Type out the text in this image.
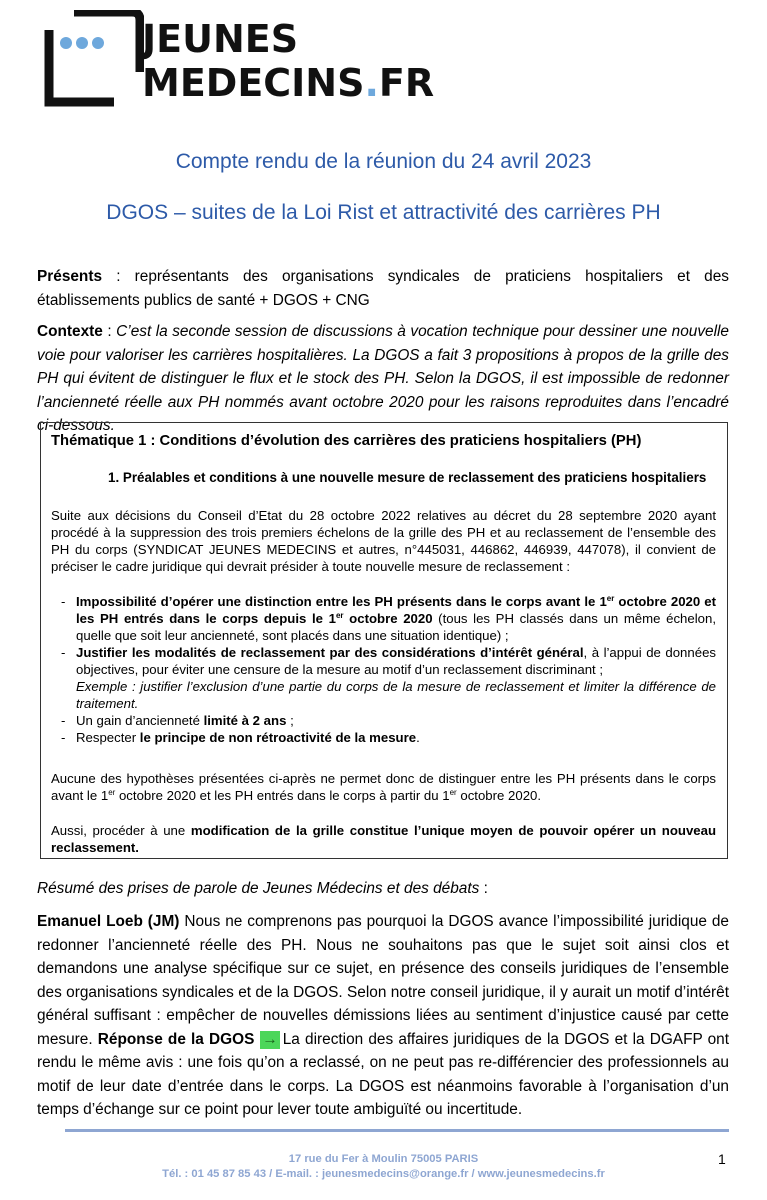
JEUNES
MEDECINS.FR
Compte rendu de la réunion du 24 avril 2023
DGOS – suites de la Loi Rist et attractivité des carrières PH
Présents : représentants des organisations syndicales de praticiens hospitaliers et des établissements publics de santé + DGOS + CNG
Contexte : C’est la seconde session de discussions à vocation technique pour dessiner une nouvelle voie pour valoriser les carrières hospitalières. La DGOS a fait 3 propositions à propos de la grille des PH qui évitent de distinguer le flux et le stock des PH. Selon la DGOS, il est impossible de redonner l’ancienneté réelle aux PH nommés avant octobre 2020 pour les raisons reproduites dans l’encadré ci-dessous.
Thématique 1 : Conditions d’évolution des carrières des praticiens hospitaliers (PH)
1. Préalables et conditions à une nouvelle mesure de reclassement des praticiens hospitaliers
Suite aux décisions du Conseil d’Etat du 28 octobre 2022 relatives au décret du 28 septembre 2020 ayant procédé à la suppression des trois premiers échelons de la grille des PH et au reclassement de l’ensemble des PH du corps (SYNDICAT JEUNES MEDECINS et autres, n°445031, 446862, 446939, 447078), il convient de préciser le cadre juridique qui devrait présider à toute nouvelle mesure de reclassement :
- Impossibilité d’opérer une distinction entre les PH présents dans le corps avant le 1er octobre 2020 et les PH entrés dans le corps depuis le 1er octobre 2020 (tous les PH classés dans un même échelon, quelle que soit leur ancienneté, sont placés dans une situation identique) ;
- Justifier les modalités de reclassement par des considérations d’intérêt général, à l’appui de données objectives, pour éviter une censure de la mesure au motif d’un reclassement discriminant ;
Exemple : justifier l’exclusion d’une partie du corps de la mesure de reclassement et limiter la différence de traitement.
- Un gain d’ancienneté limité à 2 ans ;
- Respecter le principe de non rétroactivité de la mesure.
Aucune des hypothèses présentées ci-après ne permet donc de distinguer entre les PH présents dans le corps avant le 1er octobre 2020 et les PH entrés dans le corps à partir du 1er octobre 2020.
Aussi, procéder à une modification de la grille constitue l’unique moyen de pouvoir opérer un nouveau reclassement.
Résumé des prises de parole de Jeunes Médecins et des débats :
Emanuel Loeb (JM) Nous ne comprenons pas pourquoi la DGOS avance l’impossibilité juridique de redonner l’ancienneté réelle des PH. Nous ne souhaitons pas que le sujet soit ainsi clos et demandons une analyse spécifique sur ce sujet, en présence des conseils juridiques de l’ensemble des organisations syndicales et de la DGOS. Selon notre conseil juridique, il y aurait un motif d’intérêt général suffisant : empêcher de nouvelles démissions liées au sentiment d’injustice causé par cette mesure. Réponse de la DGOS → La direction des affaires juridiques de la DGOS et la DGAFP ont rendu le même avis : une fois qu’on a reclassé, on ne peut pas re-différencier des professionnels au motif de leur date d’entrée dans le corps. La DGOS est néanmoins favorable à l’organisation d’un temps d’échange sur ce point pour lever toute ambiguïté ou incertitude.
17 rue du Fer à Moulin 75005 PARIS
Tél. : 01 45 87 85 43 / E-mail. : jeunesmedecins@orange.fr / www.jeunesmedecins.fr
1
